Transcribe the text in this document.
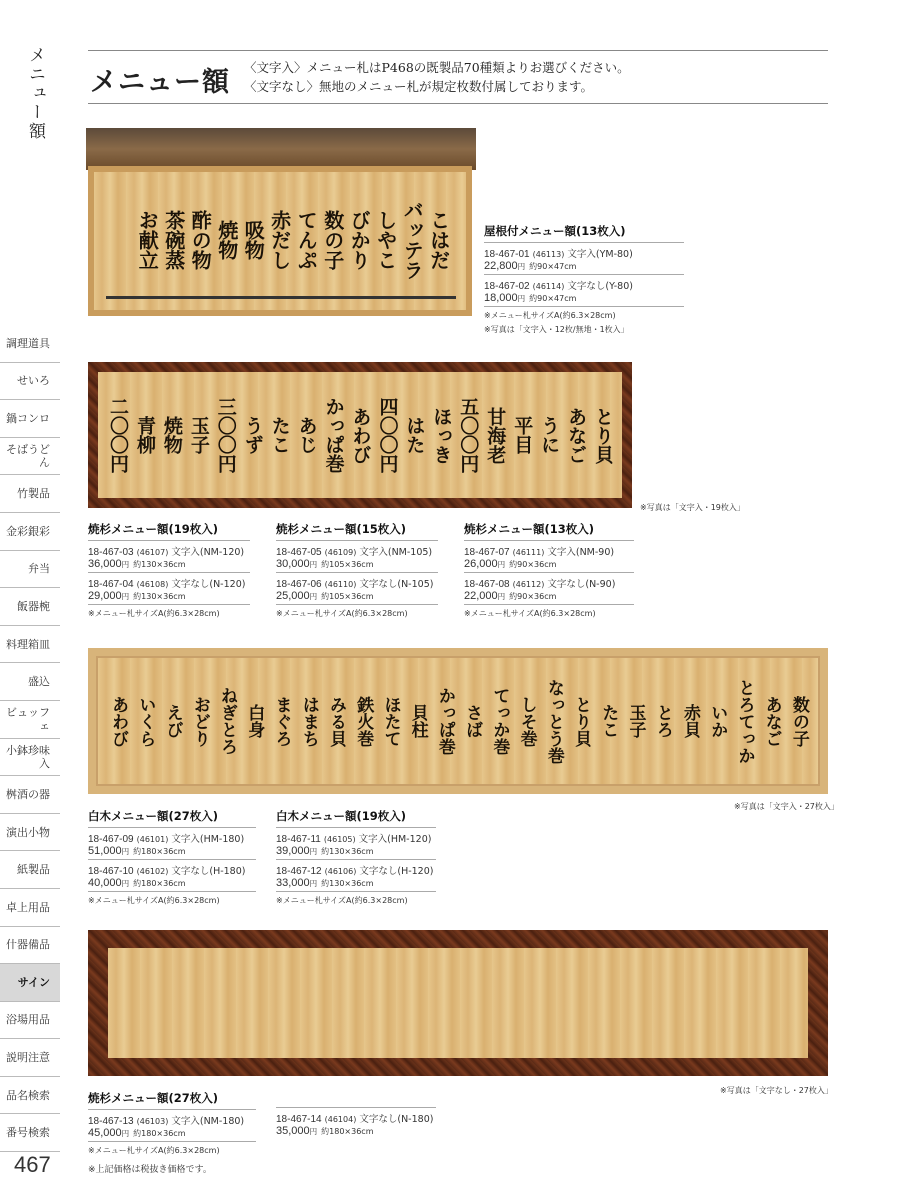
メニュー額
調理道具
せいろ
鍋コンロ
そばうどん
竹製品
金彩銀彩
弁当
飯器椀
料理箱皿
盛込
ビュッフェ
小鉢珍味入
桝酒の器
演出小物
紙製品
卓上用品
什器備品
サイン
浴場用品
説明注意
品名検索
番号検索
467
メニュー額 〈文字入〉メニュー札はP468の既製品70種類よりお選びください。
〈文字なし〉無地のメニュー札が規定枚数付属しております。
こはだ
バッテラ
しやこ
びかり
数の子
てんぷ
赤だし
吸物
焼物
酢の物
茶碗蒸
お献立	屋根付メニュー額(13枚入)
18-467-01 (46113) 文字入(YM-80)
22,800円 約90×47cm
18-467-02 (46114) 文字なし(Y-80)
18,000円 約90×47cm
※メニュー札サイズA(約6.3×28cm)
※写真は「文字入・12枚/無地・1枚入」
とり貝
あなご
うに
平目
甘海老
五〇〇円
ほっき
はた
四〇〇円
あわび
かっぱ巻
あじ
たこ
うず
三〇〇円
玉子
焼物
青柳
二〇〇円
※写真は「文字入・19枚入」
焼杉メニュー額(19枚入)
18-467-03 (46107) 文字入(NM-120)
36,000円 約130×36cm
18-467-04 (46108) 文字なし(N-120)
29,000円 約130×36cm
※メニュー札サイズA(約6.3×28cm)
焼杉メニュー額(15枚入)
18-467-05 (46109) 文字入(NM-105)
30,000円 約105×36cm
18-467-06 (46110) 文字なし(N-105)
25,000円 約105×36cm
※メニュー札サイズA(約6.3×28cm)
焼杉メニュー額(13枚入)
18-467-07 (46111) 文字入(NM-90)
26,000円 約90×36cm
18-467-08 (46112) 文字なし(N-90)
22,000円 約90×36cm
※メニュー札サイズA(約6.3×28cm)
数の子
あなご
とろてっか
いか
赤貝
とろ
玉子
たこ
とり貝
なっとう巻
しそ巻
てっか巻
さば
かっぱ巻
貝柱
ほたて
鉄火巻
みる貝
はまち
まぐろ
白身
ねぎとろ
おどり
えび
いくら
あわび
※写真は「文字入・27枚入」
白木メニュー額(27枚入)
18-467-09 (46101) 文字入(HM-180)
51,000円 約180×36cm
18-467-10 (46102) 文字なし(H-180)
40,000円 約180×36cm
※メニュー札サイズA(約6.3×28cm)
白木メニュー額(19枚入)
18-467-11 (46105) 文字入(HM-120)
39,000円 約130×36cm
18-467-12 (46106) 文字なし(H-120)
33,000円 約130×36cm
※メニュー札サイズA(約6.3×28cm)
※写真は「文字なし・27枚入」
焼杉メニュー額(27枚入)
18-467-13 (46103) 文字入(NM-180)
45,000円 約180×36cm
※メニュー札サイズA(約6.3×28cm)
18-467-14 (46104) 文字なし(N-180)
35,000円 約180×36cm
※上記価格は税抜き価格です。
